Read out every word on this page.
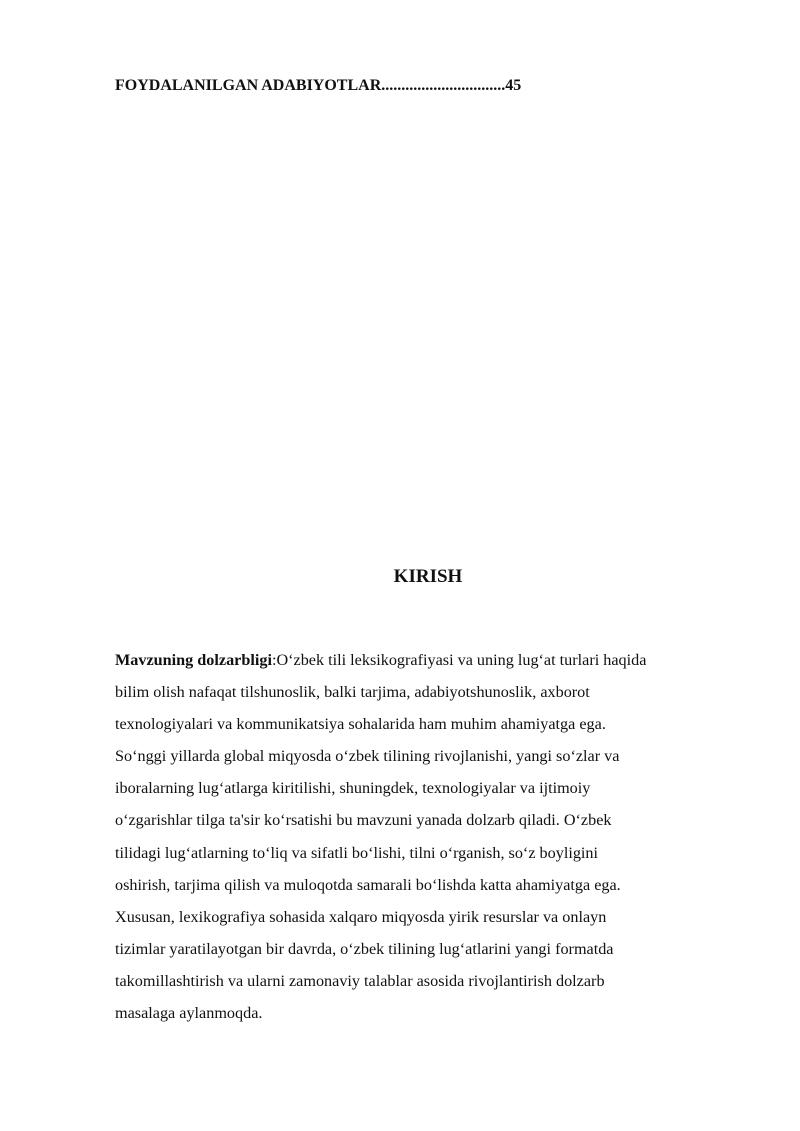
FOYDALANILGAN ADABIYOTLAR...............................45
KIRISH

Mavzuning dolzarbligi:O‘zbek tili leksikografiyasi va uning lug‘at turlari haqida
bilim olish nafaqat tilshunoslik, balki tarjima, adabiyotshunoslik, axborot
texnologiyalari va kommunikatsiya sohalarida ham muhim ahamiyatga ega.
So‘nggi yillarda global miqyosda o‘zbek tilining rivojlanishi, yangi so‘zlar va
iboralarning lug‘atlarga kiritilishi, shuningdek, texnologiyalar va ijtimoiy
o‘zgarishlar tilga ta'sir ko‘rsatishi bu mavzuni yanada dolzarb qiladi. O‘zbek
tilidagi lug‘atlarning to‘liq va sifatli bo‘lishi, tilni o‘rganish, so‘z boyligini
oshirish, tarjima qilish va muloqotda samarali bo‘lishda katta ahamiyatga ega.
Xususan, lexikografiya sohasida xalqaro miqyosda yirik resurslar va onlayn
tizimlar yaratilayotgan bir davrda, o‘zbek tilining lug‘atlarini yangi formatda
takomillashtirish va ularni zamonaviy talablar asosida rivojlantirish dolzarb
masalaga aylanmoqda.
